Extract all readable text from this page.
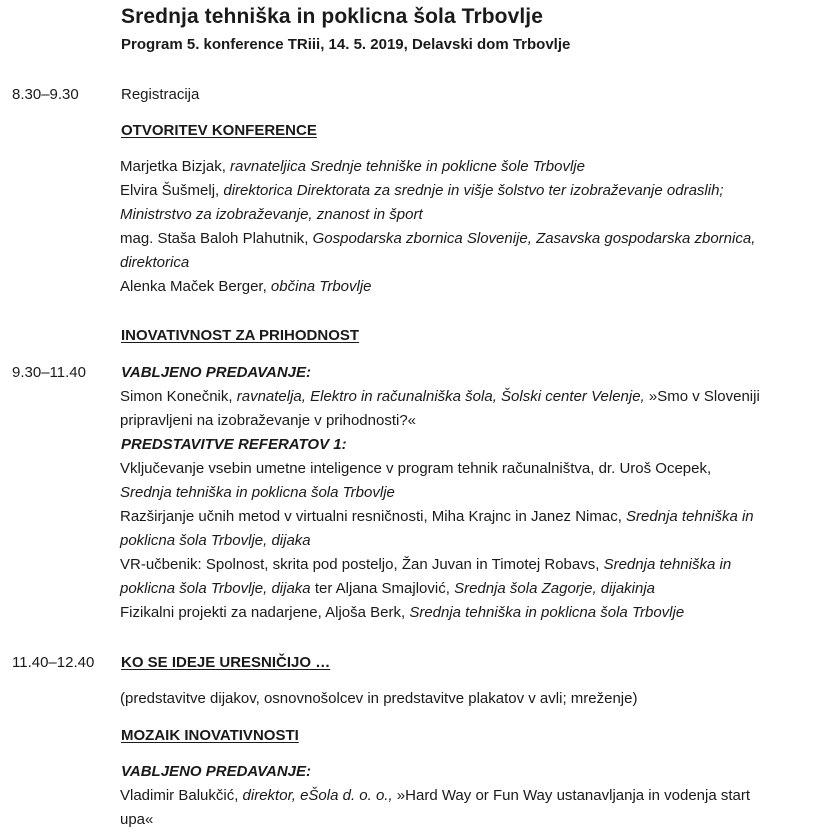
Srednja tehniška in poklicna šola Trbovlje
Program 5. konference TRiii, 14. 5. 2019, Delavski dom Trbovlje
8.30–9.30	Registracija
OTVORITEV KONFERENCE
Marjetka Bizjak, ravnateljica Srednje tehniške in poklicne šole Trbovlje
Elvira Šušmelj, direktorica Direktorata za srednje in višje šolstvo ter izobraževanje odraslih;
Ministrstvo za izobraževanje, znanost in šport
mag. Staša Baloh Plahutnik, Gospodarska zbornica Slovenije, Zasavska gospodarska zbornica,
direktorica
Alenka Maček Berger, občina Trbovlje
INOVATIVNOST ZA PRIHODNOST
9.30–11.40 VABLJENO PREDAVANJE:
Simon Konečnik, ravnatelja, Elektro in računalniška šola, Šolski center Velenje, »Smo v Sloveniji
pripravljeni na izobraževanje v prihodnosti?«
PREDSTAVITVE REFERATOV 1:
Vključevanje vsebin umetne inteligence v program tehnik računalništva, dr. Uroš Ocepek,
Srednja tehniška in poklicna šola Trbovlje
Razširjanje učnih metod v virtualni resničnosti, Miha Krajnc in Janez Nimac, Srednja tehniška in
poklicna šola Trbovlje, dijaka
VR-učbenik: Spolnost, skrita pod posteljo, Žan Juvan in Timotej Robavs, Srednja tehniška in
poklicna šola Trbovlje, dijaka ter Aljana Smajlović, Srednja šola Zagorje, dijakinja
Fizikalni projekti za nadarjene, Aljoša Berk, Srednja tehniška in poklicna šola Trbovlje
11.40–12.40 KO SE IDEJE URESNIČIJO …
(predstavitve dijakov, osnovnošolcev in predstavitve plakatov v avli; mreženje)
MOZAIK INOVATIVNOSTI
VABLJENO PREDAVANJE:
Vladimir Balukčić, direktor, eŠola d. o. o., »Hard Way or Fun Way ustanavljanja in vodenja start
upa«
